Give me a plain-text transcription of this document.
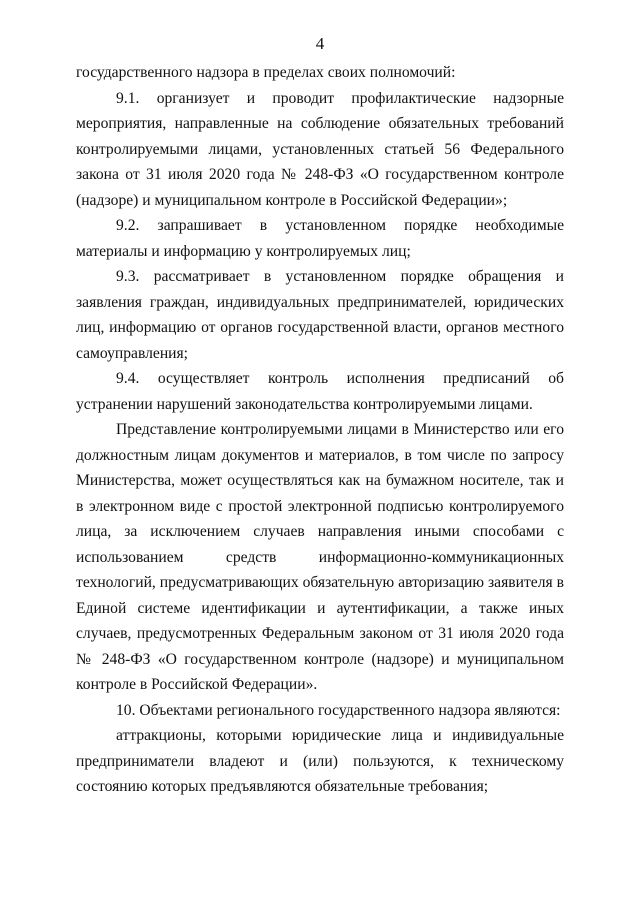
4

государственного надзора в пределах своих полномочий:

9.1. организует и проводит профилактические надзорные мероприятия, направленные на соблюдение обязательных требований контролируемыми лицами, установленных статьей 56 Федерального закона от 31 июля 2020 года № 248-ФЗ «О государственном контроле (надзоре) и муниципальном контроле в Российской Федерации»;

9.2. запрашивает в установленном порядке необходимые материалы и информацию у контролируемых лиц;

9.3. рассматривает в установленном порядке обращения и заявления граждан, индивидуальных предпринимателей, юридических лиц, информацию от органов государственной власти, органов местного самоуправления;

9.4. осуществляет контроль исполнения предписаний об устранении нарушений законодательства контролируемыми лицами.

Представление контролируемыми лицами в Министерство или его должностным лицам документов и материалов, в том числе по запросу Министерства, может осуществляться как на бумажном носителе, так и в электронном виде с простой электронной подписью контролируемого лица, за исключением случаев направления иными способами с использованием средств информационно-коммуникационных технологий, предусматривающих обязательную авторизацию заявителя в Единой системе идентификации и аутентификации, а также иных случаев, предусмотренных Федеральным законом от 31 июля 2020 года № 248-ФЗ «О государственном контроле (надзоре) и муниципальном контроле в Российской Федерации».

10. Объектами регионального государственного надзора являются:

аттракционы, которыми юридические лица и индивидуальные предприниматели владеют и (или) пользуются, к техническому состоянию которых предъявляются обязательные требования;
